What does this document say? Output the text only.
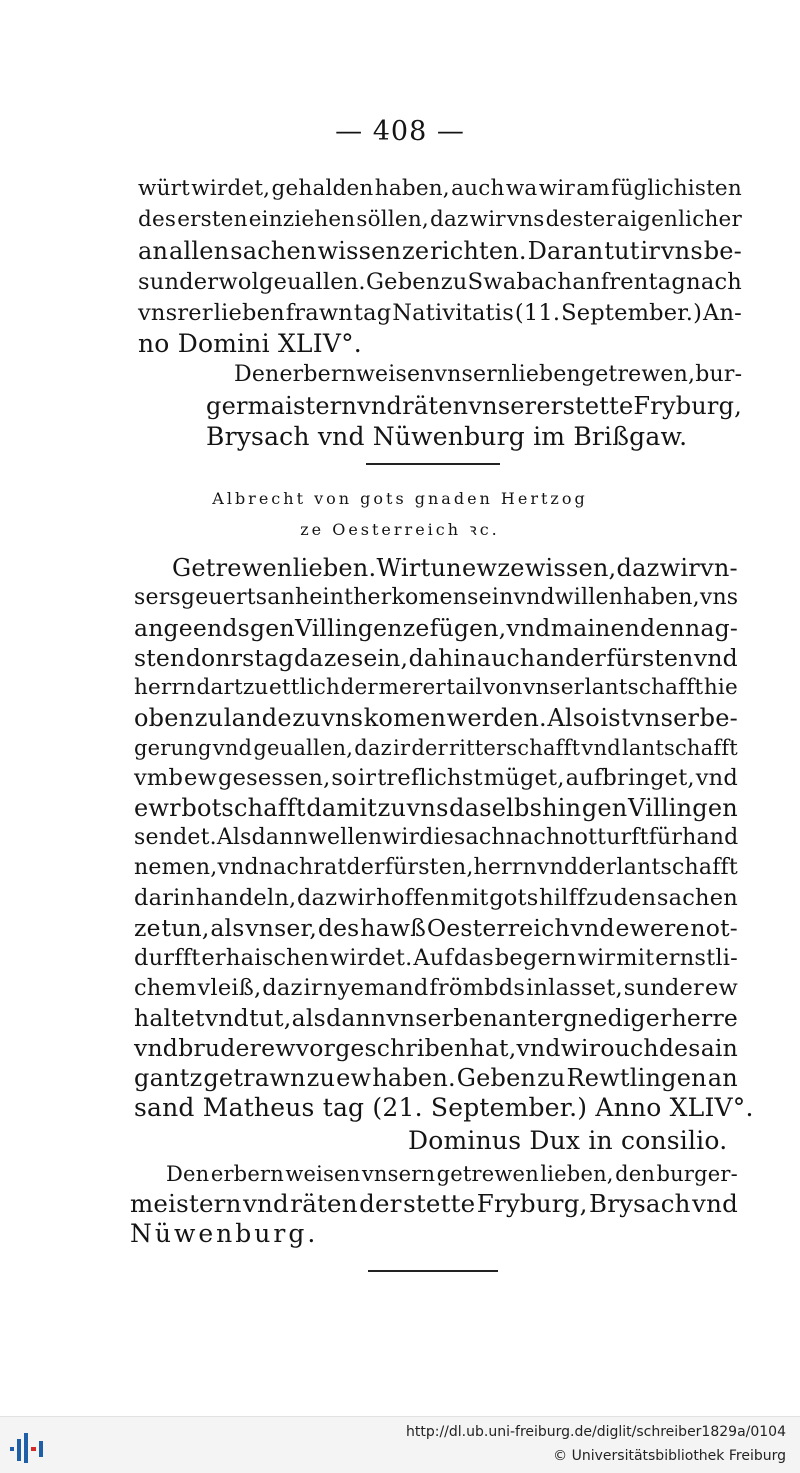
— 408 —
würt wirdet, gehalden haben, auch wa wir am füglichisten
des ersten einziehen söllen, daz wir vns dester aigenlicher
an allen sachen wissen ze richten. Daran tut ir vns be-
sunder wolgeuallen. Geben zu Swabach an frentag nach
vnsrer lieben frawn tag Nativitatis (11. September.) An-
no Domini XLIV°.
Den erbern weisen vnsern lieben getrewen, bur-
germaistern vnd räten vnserer stette Fryburg,
Brysach vnd Nüwenburg im Brißgaw.
Albrecht von gots gnaden Hertzog
ze Oesterreich ꝛc.
Getrewen lieben. Wir tun ew ze wissen, daz wir vn-
sers geuerts anheint herkomen sein vnd willen haben, vns
angeends gen Villingen ze fügen, vnd mainen den nag-
sten donrstag da ze sein, dahin auch ander fürsten vnd
herrn dartzu ettlich der merer tail von vnser lantschafft hie
oben zu lande zu vns komen werden. Also ist vnser be-
gerung vnd geuallen, daz ir der ritterschafft vnd lantschafft
vmb ew gesessen, so ir treflichst müget, aufbringet, vnd
ewr botschafft damit zu vns daselbshin gen Villingen
sendet. Alsdann wellen wir die sach nach notturft für hand
nemen, vnd nach rat der fürsten, herrn vnd der lantschafft
darin handeln, daz wir hoffen mit gots hilff zu den sachen
ze tun, als vnser, des hawß Oesterreich vnd ewere not-
durfft erhaischen wirdet. Auf das begern wir mit ernstli-
chem vleiß, daz ir nyemand frömbds inlasset, sunder ew
haltet vnd tut, als dann vnser benanter gnediger herre
vnd bruder ew vor geschriben hat, vnd wir ouch des ain
gantz getrawn zu ew haben. Geben zu Rewtlingen an
sand Matheus tag (21. September.) Anno XLIV°.
Dominus Dux in consilio.
Den erbern weisen vnsern getrewen lieben, den burger-
meistern vnd räten der stette Fryburg, Brysach vnd
Nüwenburg.
http://dl.ub.uni-freiburg.de/diglit/schreiber1829a/0104
© Universitätsbibliothek Freiburg
